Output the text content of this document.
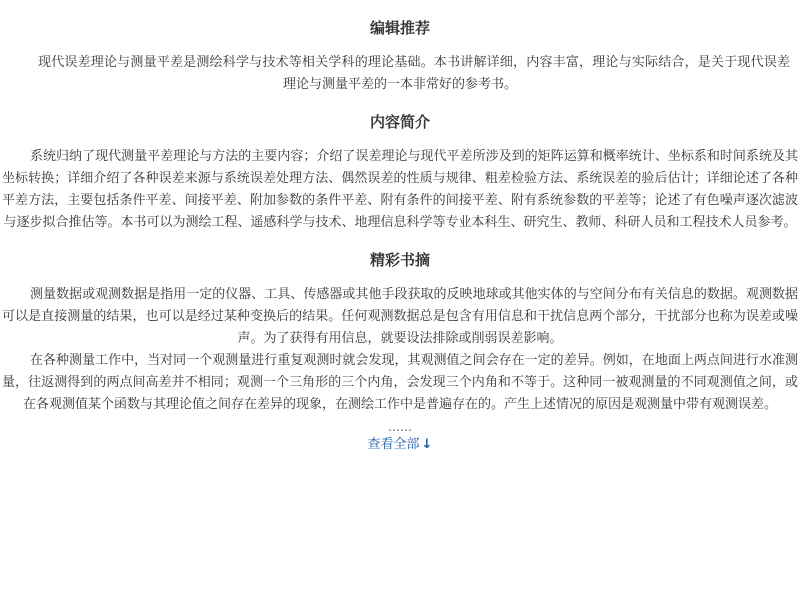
编辑推荐

现代误差理论与测量平差是测绘科学与技术等相关学科的理论基础。本书讲解详细，内容丰富，理论与实际结合，是关于现代误差理论与测量平差的一本非常好的参考书。

内容简介

系统归纳了现代测量平差理论与方法的主要内容；介绍了误差理论与现代平差所涉及到的矩阵运算和概率统计、坐标系和时间系统及其坐标转换；详细介绍了各种误差来源与系统误差处理方法、偶然误差的性质与规律、粗差检验方法、系统误差的验后估计；详细论述了各种平差方法，主要包括条件平差、间接平差、附加参数的条件平差、附有条件的间接平差、附有系统参数的平差等；论述了有色噪声逐次滤波与逐步拟合推估等。本书可以为测绘工程、遥感科学与技术、地理信息科学等专业本科生、研究生、教师、科研人员和工程技术人员参考。

精彩书摘

测量数据或观测数据是指用一定的仪器、工具、传感器或其他手段获取的反映地球或其他实体的与空间分布有关信息的数据。观测数据可以是直接测量的结果，也可以是经过某种变换后的结果。任何观测数据总是包含有用信息和干扰信息两个部分，干扰部分也称为误差或噪声。为了获得有用信息，就要设法排除或削弱误差影响。

在各种测量工作中，当对同一个观测量进行重复观测时就会发现，其观测值之间会存在一定的差异。例如，在地面上两点间进行水准测量，往返测得到的两点间高差并不相同；观测一个三角形的三个内角，会发现三个内角和不等于。这种同一被观测量的不同观测值之间，或在各观测值某个函数与其理论值之间存在差异的现象，在测绘工作中是普遍存在的。产生上述情况的原因是观测量中带有观测误差。

……
查看全部 ↓
